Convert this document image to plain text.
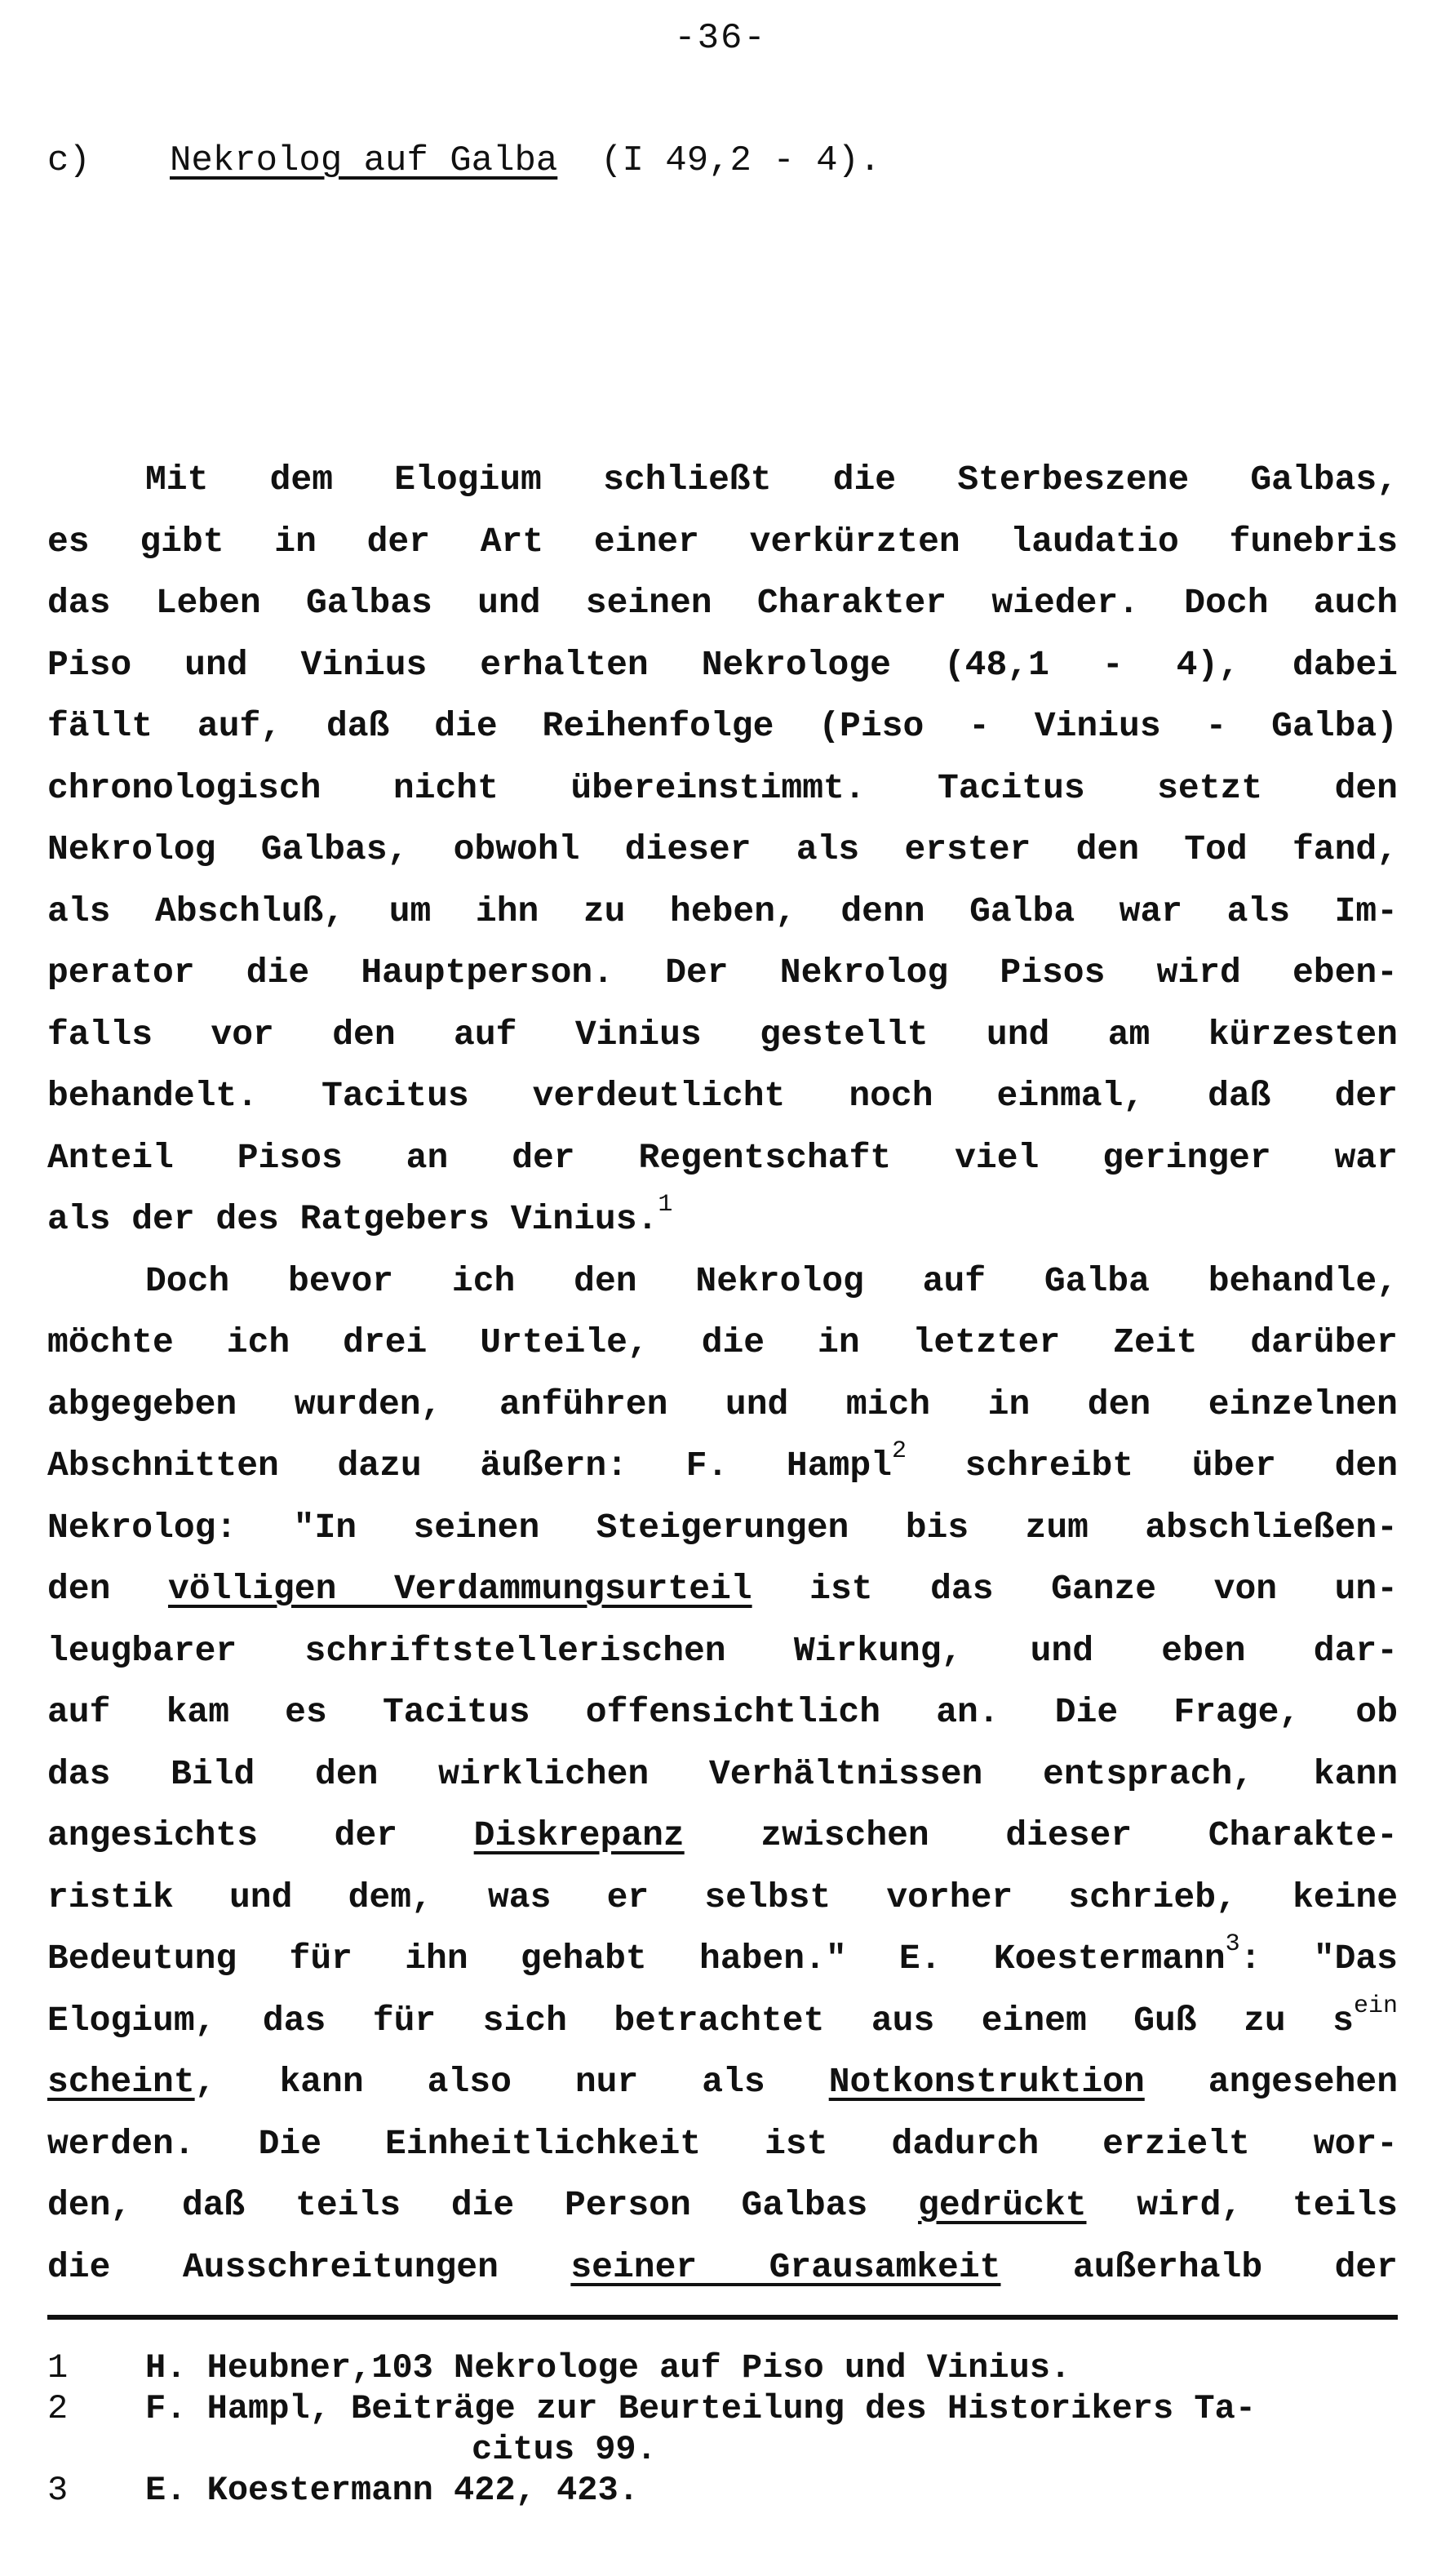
-36-
c) Nekrolog auf Galba (I 49,2 - 4).
Mit dem Elogium schließt die Sterbeszene Galbas,
es gibt in der Art einer verkürzten laudatio funebris
das Leben Galbas und seinen Charakter wieder. Doch auch
Piso und Vinius erhalten Nekrologe (48,1 - 4), dabei
fällt auf, daß die Reihenfolge (Piso - Vinius - Galba)
chronologisch nicht übereinstimmt. Tacitus setzt den
Nekrolog Galbas, obwohl dieser als erster den Tod fand,
als Abschluß, um ihn zu heben, denn Galba war als Im-
perator die Hauptperson. Der Nekrolog Pisos wird eben-
falls vor den auf Vinius gestellt und am kürzesten
behandelt. Tacitus verdeutlicht noch einmal, daß der
Anteil Pisos an der Regentschaft viel geringer war
als der des Ratgebers Vinius.$^1$
Doch bevor ich den Nekrolog auf Galba behandle,
möchte ich drei Urteile, die in letzter Zeit darüber
abgegeben wurden, anführen und mich in den einzelnen
Abschnitten dazu äußern: F. Hampl$^2$ schreibt über den
Nekrolog: "In seinen Steigerungen bis zum abschließen-
den völligen Verdammungsurteil ist das Ganze von un-
leugbarer schriftstellerischen Wirkung, und eben dar-
auf kam es Tacitus offensichtlich an. Die Frage, ob
das Bild den wirklichen Verhältnissen entsprach, kann
angesichts der Diskrepanz zwischen dieser Charakte-
ristik und dem, was er selbst vorher schrieb, keine
Bedeutung für ihn gehabt haben." E. Koestermann$^3$: "Das
Elogium, das für sich betrachtet aus einem Guß zu $s^{ein}$
scheint, kann also nur als Notkonstruktion angesehen
werden. Die Einheitlichkeit ist dadurch erzielt wor-
den, daß teils die Person Galbas gedrückt wird, teils
die Ausschreitungen seiner Grausamkeit außerhalb der
1	H. Heubner,103 Nekrologe auf Piso und Vinius.
2	F. Hampl, Beiträge zur Beurteilung des Historikers Ta-
citus 99.
3	E. Koestermann 422, 423.
